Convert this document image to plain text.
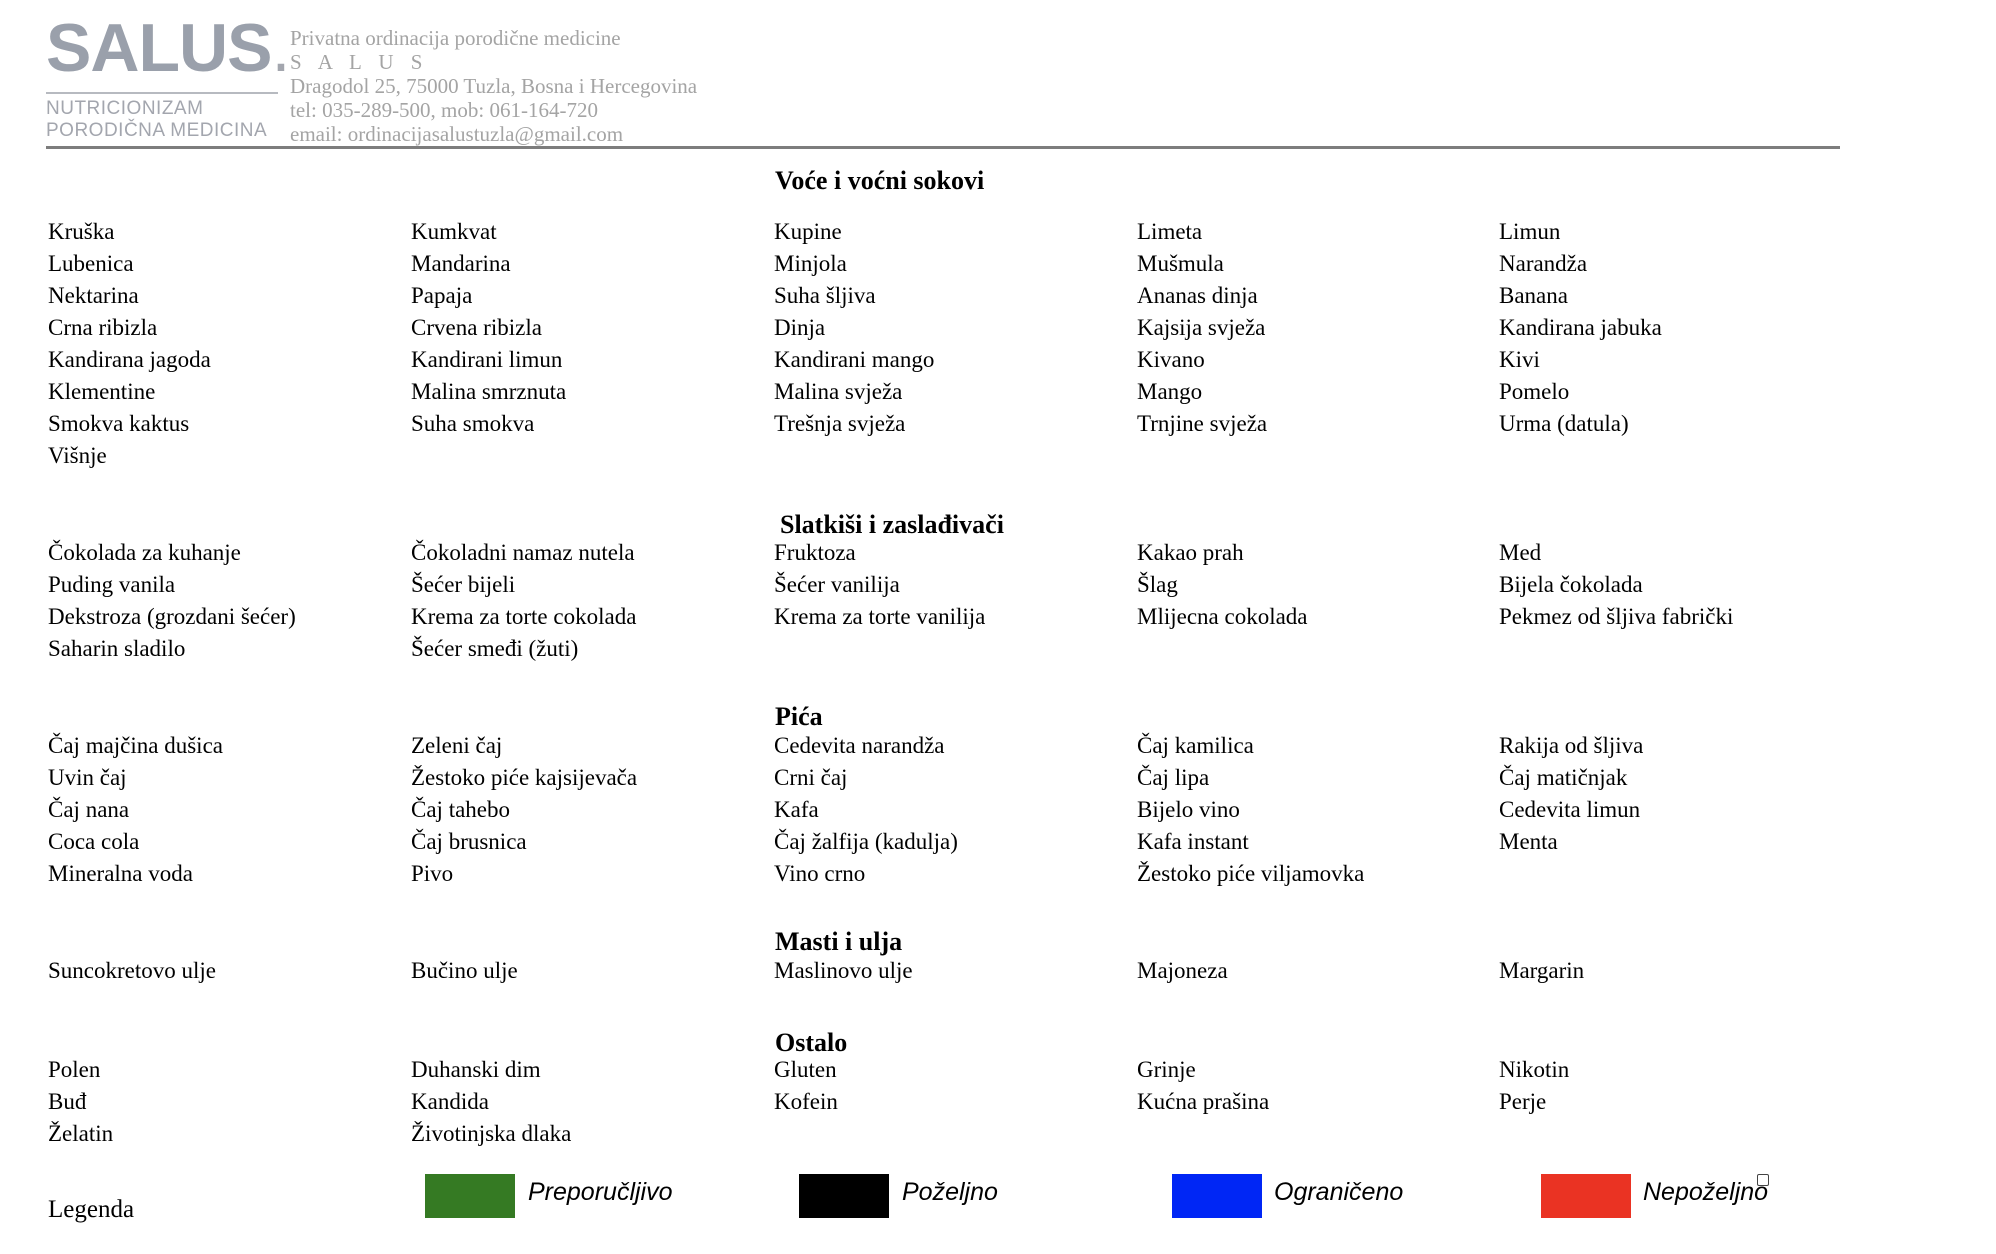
SALUS.
NUTRICIONIZAM
PORODIČNA MEDICINA
Privatna ordinacija porodične medicine
S A L U S
Dragodol 25, 75000 Tuzla, Bosna i Hercegovina
tel: 035-289-500, mob: 061-164-720
email: ordinacijasalustuzla@gmail.com
Voće i voćni sokovi
Kruška	Kumkvat	Kupine	Limeta	Limun
Lubenica	Mandarina	Minjola	Mušmula	Narandža
Nektarina	Papaja	Suha šljiva	Ananas dinja	Banana
Crna ribizla	Crvena ribizla	Dinja	Kajsija svježa	Kandirana jabuka
Kandirana jagoda	Kandirani limun	Kandirani mango	Kivano	Kivi
Klementine	Malina smrznuta	Malina svježa	Mango	Pomelo
Smokva kaktus	Suha smokva	Trešnja svježa	Trnjine svježa	Urma (datula)
Višnje
Slatkiši i zaslađivači
Čokolada za kuhanje	Čokoladni namaz nutela	Fruktoza	Kakao prah	Med
Puding vanila	Šećer bijeli	Šećer vanilija	Šlag	Bijela čokolada
Dekstroza (grozdani šećer)	Krema za torte cokolada	Krema za torte vanilija	Mlijecna cokolada	Pekmez od šljiva fabrički
Saharin sladilo	Šećer smeđi (žuti)
Pića
Čaj majčina dušica	Zeleni čaj	Cedevita narandža	Čaj kamilica	Rakija od šljiva
Uvin čaj	Žestoko piće kajsijevača	Crni čaj	Čaj lipa	Čaj matičnjak
Čaj nana	Čaj tahebo	Kafa	Bijelo vino	Cedevita limun
Coca cola	Čaj brusnica	Čaj žalfija (kadulja)	Kafa instant	Menta
Mineralna voda	Pivo	Vino crno	Žestoko piće viljamovka
Masti i ulja
Suncokretovo ulje	Bučino ulje	Maslinovo ulje	Majoneza	Margarin
Ostalo
Polen	Duhanski dim	Gluten	Grinje	Nikotin
Buđ	Kandida	Kofein	Kućna prašina	Perje
Želatin	Životinjska dlaka
Legenda
Preporučljivo	Poželjno	Ograničeno	Nepoželjno
